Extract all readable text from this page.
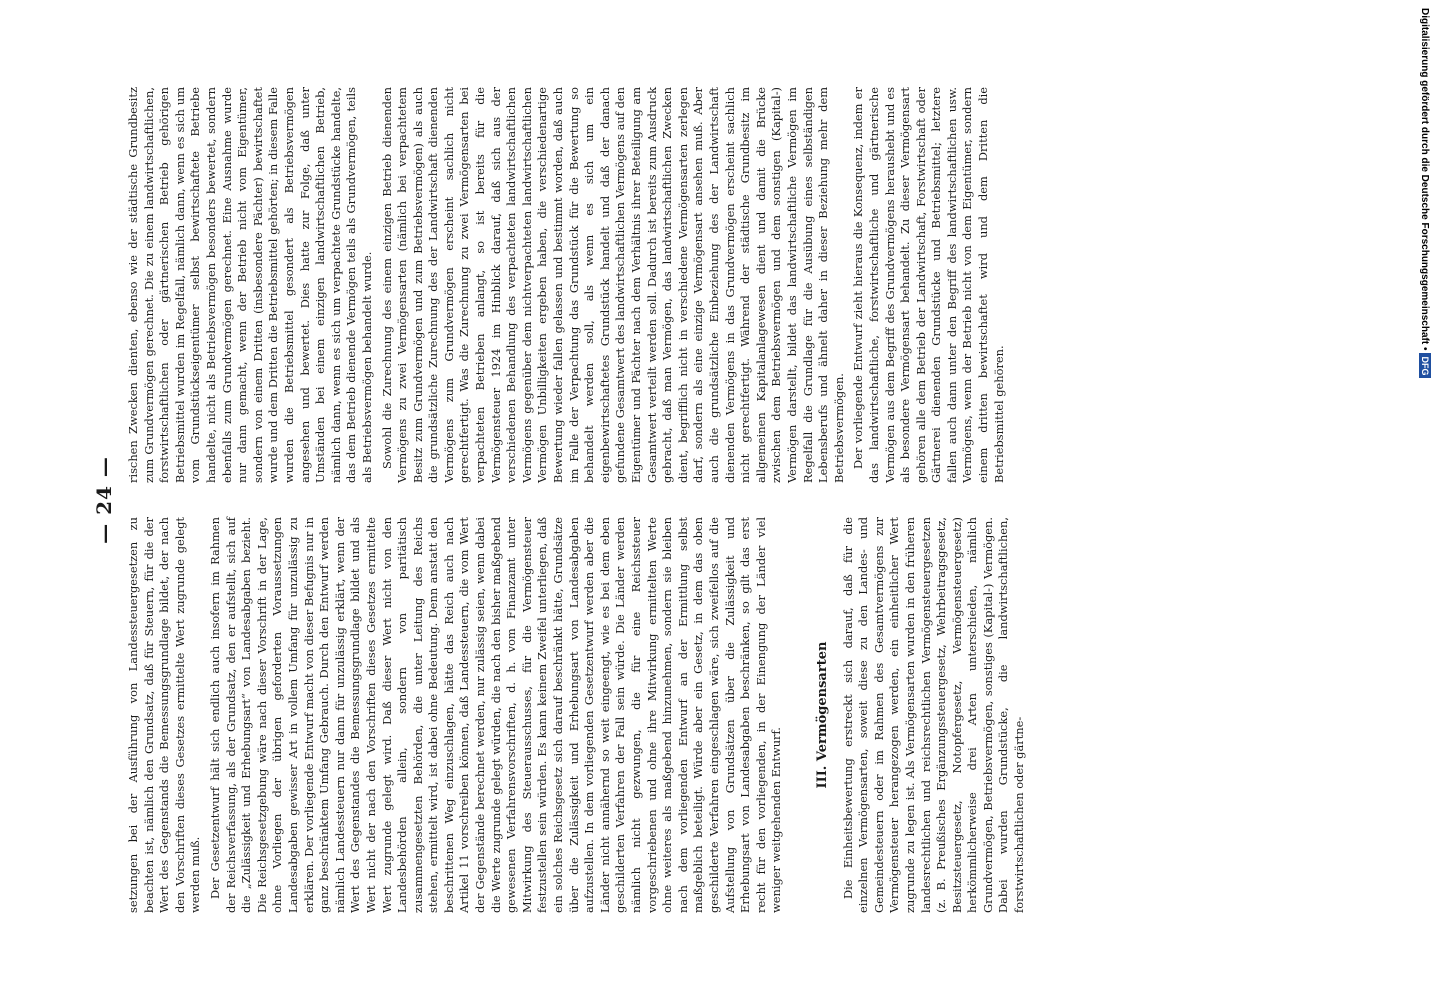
— 24 —

setzungen bei der Ausführung von Landessteuergesetzen zu beachten ist, nämlich den Grundsatz, daß für Steuern, für die der Wert des Gegenstands die Bemessungsgrundlage bildet, der nach den Vorschriften dieses Gesetzes ermittelte Wert zugrunde gelegt werden muß. Der Gesetzentwurf hält sich endlich auch insofern im Rahmen der Reichsverfassung, als der Grundsatz, den er aufstellt, sich auf die „Zulässigkeit und Erhebungsart“ von Landesabgaben bezieht. Die Reichsgesetzgebung wäre nach dieser Vorschrift in der Lage, ohne Vorliegen der übrigen geforderten Voraussetzungen Landesabgaben gewisser Art in vollem Umfang für unzulässig zu erklären. Der vorliegende Entwurf macht von dieser Befugnis nur in ganz beschränktem Umfang Gebrauch. Durch den Entwurf werden nämlich Landessteuern nur dann für unzulässig erklärt, wenn der Wert des Gegenstandes die Bemessungsgrundlage bildet und als Wert nicht der nach den Vorschriften dieses Gesetzes ermittelte Wert zugrunde gelegt wird. Daß dieser Wert nicht von den Landesbehörden allein, sondern von paritätisch zusammengesetzten Behörden, die unter Leitung des Reichs stehen, ermittelt wird, ist dabei ohne Bedeutung. Denn anstatt den beschrittenen Weg einzuschlagen, hätte das Reich auch nach Artikel 11 vorschreiben können, daß Landessteuern, die vom Wert der Gegenstände berechnet werden, nur zulässig seien, wenn dabei die Werte zugrunde gelegt würden, die nach den bisher maßgebend gewesenen Verfahrensvorschriften, d. h. vom Finanzamt unter Mitwirkung des Steuerausschusses, für die Vermögensteuer festzustellen sein würden. Es kann keinem Zweifel unterliegen, daß ein solches Reichsgesetz sich darauf beschränkt hätte, Grundsätze über die Zulässigkeit und Erhebungsart von Landesabgaben aufzustellen. In dem vorliegenden Gesetzentwurf werden aber die Länder nicht annähernd so weit eingeengt, wie es bei dem eben geschilderten Verfahren der Fall sein würde. Die Länder werden nämlich nicht gezwungen, die für eine Reichssteuer vorgeschriebenen und ohne ihre Mitwirkung ermittelten Werte ohne weiteres als maßgebend hinzunehmen, sondern sie bleiben nach dem vorliegenden Entwurf an der Ermittlung selbst maßgeblich beteiligt. Würde aber ein Gesetz, in dem das oben geschilderte Verfahren eingeschlagen wäre, sich zweifellos auf die Aufstellung von Grundsätzen über die Zulässigkeit und Erhebungsart von Landesabgaben beschränken, so gilt das erst recht für den vorliegenden, in der Einengung der Länder viel weniger weitgehenden Entwurf.

III. Vermögensarten Die Einheitsbewertung erstreckt sich darauf, daß für die einzelnen Vermögensarten, soweit diese zu den Landes- und Gemeindesteuern oder im Rahmen des Gesamtvermögens zur Vermögensteuer herangezogen werden, ein einheitlicher Wert zugrunde zu legen ist. Als Vermögensarten wurden in den früheren landesrechtlichen und reichsrechtlichen Vermögensteuergesetzen (z. B. Preußisches Ergänzungssteuergesetz, Wehrbeitragsgesetz, Besitzsteuergesetz, Notopfergesetz, Vermögensteuergesetz) herkömmlicherweise drei Arten unterschieden, nämlich Grundvermögen, Betriebsvermögen, sonstiges (Kapital-) Vermögen. Dabei wurden Grundstücke, die landwirtschaftlichen, forstwirtschaftlichen oder gärtne-

rischen Zwecken dienten, ebenso wie der städtische Grundbesitz zum Grundvermögen gerechnet. Die zu einem landwirtschaftlichen, forstwirtschaftlichen oder gärtnerischen Betrieb gehörigen Betriebsmittel wurden im Regelfall, nämlich dann, wenn es sich um vom Grundstückseigentümer selbst bewirtschaftete Betriebe handelte, nicht als Betriebsvermögen besonders bewertet, sondern ebenfalls zum Grundvermögen gerechnet. Eine Ausnahme wurde nur dann gemacht, wenn der Betrieb nicht vom Eigentümer, sondern von einem Dritten (insbesondere Pächter) bewirtschaftet wurde und dem Dritten die Betriebsmittel gehörten; in diesem Falle wurden die Betriebsmittel gesondert als Betriebsvermögen angesehen und bewertet. Dies hatte zur Folge, daß unter Umständen bei einem einzigen landwirtschaftlichen Betrieb, nämlich dann, wenn es sich um verpachtete Grundstücke handelte, das dem Betrieb dienende Vermögen teils als Grundvermögen, teils als Betriebsvermögen behandelt wurde. Sowohl die Zurechnung des einem einzigen Betrieb dienenden Vermögens zu zwei Vermögensarten (nämlich bei verpachtetem Besitz zum Grundvermögen und zum Betriebsvermögen) als auch die grundsätzliche Zurechnung des der Landwirtschaft dienenden Vermögens zum Grundvermögen erscheint sachlich nicht gerechtfertigt. Was die Zurechnung zu zwei Vermögensarten bei verpachteten Betrieben anlangt, so ist bereits für die Vermögensteuer 1924 im Hinblick darauf, daß sich aus der verschiedenen Behandlung des verpachteten landwirtschaftlichen Vermögens gegenüber dem nichtverpachteten landwirtschaftlichen Vermögen Unbilligkeiten ergeben haben, die verschiedenartige Bewertung wieder fallen gelassen und bestimmt worden, daß auch im Falle der Verpachtung das Grundstück für die Bewertung so behandelt werden soll, als wenn es sich um ein eigenbewirtschaftetes Grundstück handelt und daß der danach gefundene Gesamtwert des landwirtschaftlichen Vermögens auf den Eigentümer und Pächter nach dem Verhältnis ihrer Beteiligung am Gesamtwert verteilt werden soll. Dadurch ist bereits zum Ausdruck gebracht, daß man Vermögen, das landwirtschaftlichen Zwecken dient, begrifflich nicht in verschiedene Vermögensarten zerlegen darf, sondern als eine einzige Vermögensart ansehen muß. Aber auch die grundsätzliche Einbeziehung des der Landwirtschaft dienenden Vermögens in das Grundvermögen erscheint sachlich nicht gerechtfertigt. Während der städtische Grundbesitz im allgemeinen Kapitalanlagewesen dient und damit die Brücke zwischen dem Betriebsvermögen und dem sonstigen (Kapital-) Vermögen darstellt, bildet das landwirtschaftliche Vermögen im Regelfall die Grundlage für die Ausübung eines selbständigen Lebensberufs und ähnelt daher in dieser Beziehung mehr dem Betriebsvermögen. Der vorliegende Entwurf zieht hieraus die Konsequenz, indem er das landwirtschaftliche, forstwirtschaftliche und gärtnerische Vermögen aus dem Begriff des Grundvermögens heraushebt und es als besondere Vermögensart behandelt. Zu dieser Vermögensart gehören alle dem Betrieb der Landwirtschaft, Forstwirtschaft oder Gärtnerei dienenden Grundstücke und Betriebsmittel; letztere fallen auch dann unter den Begriff des landwirtschaftlichen usw. Vermögens, wenn der Betrieb nicht von dem Eigentümer, sondern einem dritten bewirtschaftet wird und dem Dritten die Betriebsmittel gehören.

Digitalisierung gefördert durch die Deutsche Forschungsgemeinschaft •DFG
